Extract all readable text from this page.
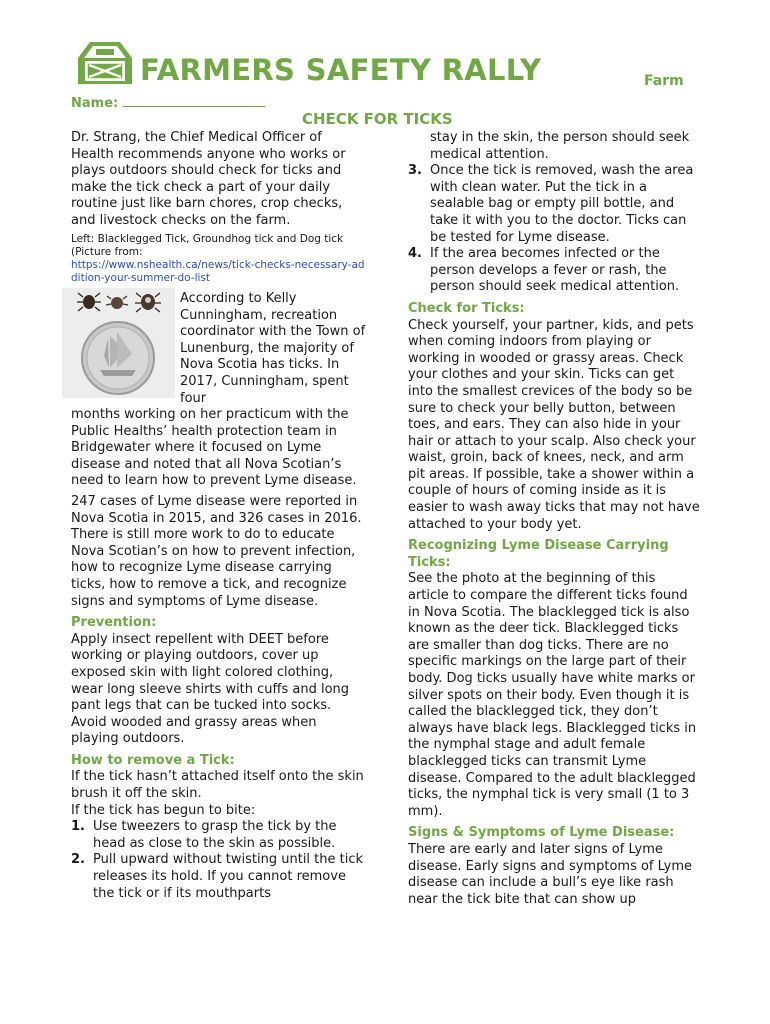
FARMERS SAFETY RALLY	Farm
Name:
CHECK FOR TICKS

Dr. Strang, the Chief Medical Officer of Health recommends anyone who works or plays outdoors should check for ticks and make the tick check a part of your daily routine just like barn chores, crop checks, and livestock checks on the farm.

Left: Blacklegged Tick, Groundhog tick and Dog tick (Picture from:

https://www.nshealth.ca/news/tick-checks-necessary-addition-your-summer-do-list

According to Kelly Cunningham, recreation coordinator with the Town of Lunenburg, the majority of Nova Scotia has ticks. In 2017, Cunningham, spent four

months working on her practicum with the Public Healths’ health protection team in Bridgewater where it focused on Lyme disease and noted that all Nova Scotian’s need to learn how to prevent Lyme disease.

247 cases of Lyme disease were reported in Nova Scotia in 2015, and 326 cases in 2016. There is still more work to do to educate Nova Scotian’s on how to prevent infection, how to recognize Lyme disease carrying ticks, how to remove a tick, and recognize signs and symptoms of Lyme disease.

Prevention:

Apply insect repellent with DEET before working or playing outdoors, cover up exposed skin with light colored clothing, wear long sleeve shirts with cuffs and long pant legs that can be tucked into socks. Avoid wooded and grassy areas when playing outdoors.

How to remove a Tick:

If the tick hasn’t attached itself onto the skin brush it off the skin.

If the tick has begun to bite:

1. Use tweezers to grasp the tick by the head as close to the skin as possible.
2. Pull upward without twisting until the tick releases its hold. If you cannot remove the tick or if its mouthparts

stay in the skin, the person should seek medical attention.

3. Once the tick is removed, wash the area with clean water. Put the tick in a sealable bag or empty pill bottle, and take it with you to the doctor. Ticks can be tested for Lyme disease.
4. If the area becomes infected or the person develops a fever or rash, the person should seek medical attention.

Check for Ticks:

Check yourself, your partner, kids, and pets when coming indoors from playing or working in wooded or grassy areas. Check your clothes and your skin. Ticks can get into the smallest crevices of the body so be sure to check your belly button, between toes, and ears. They can also hide in your hair or attach to your scalp. Also check your waist, groin, back of knees, neck, and arm pit areas. If possible, take a shower within a couple of hours of coming inside as it is easier to wash away ticks that may not have attached to your body yet.

Recognizing Lyme Disease Carrying Ticks:

See the photo at the beginning of this article to compare the different ticks found in Nova Scotia. The blacklegged tick is also known as the deer tick. Blacklegged ticks are smaller than dog ticks. There are no specific markings on the large part of their body. Dog ticks usually have white marks or silver spots on their body. Even though it is called the blacklegged tick, they don’t always have black legs. Blacklegged ticks in the nymphal stage and adult female blacklegged ticks can transmit Lyme disease. Compared to the adult blacklegged ticks, the nymphal tick is very small (1 to 3 mm).

Signs & Symptoms of Lyme Disease:

There are early and later signs of Lyme disease. Early signs and symptoms of Lyme disease can include a bull’s eye like rash near the tick bite that can show up
